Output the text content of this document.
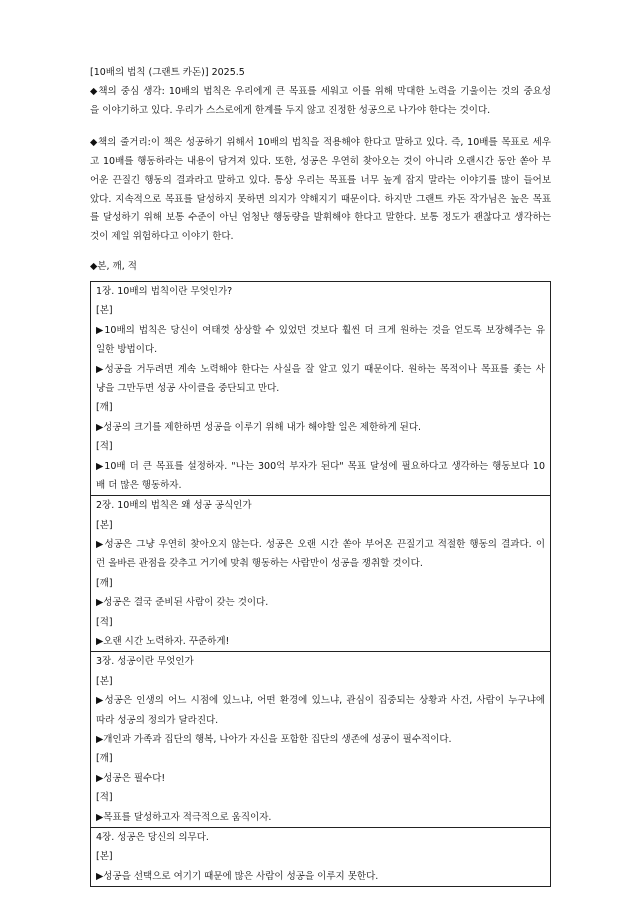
[10배의 법칙 (그랜트 카돈)] 2025.5
◆책의 중심 생각: 10배의 법칙은 우리에게 큰 목표를 세워고 이를 위해 막대한 노력을 기울이는 것의 중요성
을 이야기하고 있다. 우리가 스스로에게 한계를 두지 않고 진정한 성공으로 나가야 한다는 것이다.
◆책의 줄거리:이 책은 성공하기 위해서 10배의 법칙을 적용해야 한다고 말하고 있다. 즉, 10배를 목표로 세우
고 10배를 행동하라는 내용이 담겨져 있다. 또한, 성공은 우연히 찾아오는 것이 아니라 오랜시간 동안 쏟아 부
어운 끈질긴 행동의 결과라고 말하고 있다. 통상 우리는 목표를 너무 높게 잡지 말라는 이야기를 많이 들어보
았다. 지속적으로 목표를 달성하지 못하면 의지가 약해지기 때문이다. 하지만 그랜트 카돈 작가님은 높은 목표
를 달성하기 위해 보통 수준이 아닌 엄청난 행동량을 발휘해야 한다고 말한다. 보통 정도가 괜찮다고 생각하는
것이 제일 위험하다고 이야기 한다.
◆본, 깨, 적
1장. 10배의 법칙이란 무엇인가?
[본]
▶10배의 법칙은 당신이 여태껏 상상할 수 있었던 것보다 훨씬 더 크게 원하는 것을 얻도록 보장해주는 유
일한 방법이다.
▶성공을 거두려면 계속 노력해야 한다는 사실을 잘 알고 있기 때문이다. 원하는 목적이나 목표를 좇는 사
냥을 그만두면 성공 사이클을 중단되고 만다.
[깨]
▶성공의 크기를 제한하면 성공을 이루기 위해 내가 해야할 일은 제한하게 된다.
[적]
▶10배 더 큰 목표를 설정하자. "나는 300억 부자가 된다" 목표 달성에 필요하다고 생각하는 행동보다 10
배 더 많은 행동하자.

2장. 10배의 법칙은 왜 성공 공식인가
[본]
▶성공은 그냥 우연히 찾아오지 않는다. 성공은 오랜 시간 쏟아 부어온 끈질기고 적절한 행동의 결과다. 이
런 올바른 관점을 갖추고 거기에 맞춰 행동하는 사람만이 성공을 쟁취할 것이다.
[깨]
▶성공은 결국 준비된 사람이 갖는 것이다.
[적]
▶오랜 시간 노력하자. 꾸준하게!

3장. 성공이란 무엇인가
[본]
▶성공은 인생의 어느 시점에 있느냐, 어떤 환경에 있느냐, 관심이 집중되는 상황과 사건, 사람이 누구냐에
따라 성공의 정의가 달라진다.
▶개인과 가족과 집단의 행복, 나아가 자신을 포함한 집단의 생존에 성공이 필수적이다.
[깨]
▶성공은 필수다!
[적]
▶목표를 달성하고자 적극적으로 움직이자.

4장. 성공은 당신의 의무다.
[본]
▶성공을 선택으로 여기기 때문에 많은 사람이 성공을 이루지 못한다.
